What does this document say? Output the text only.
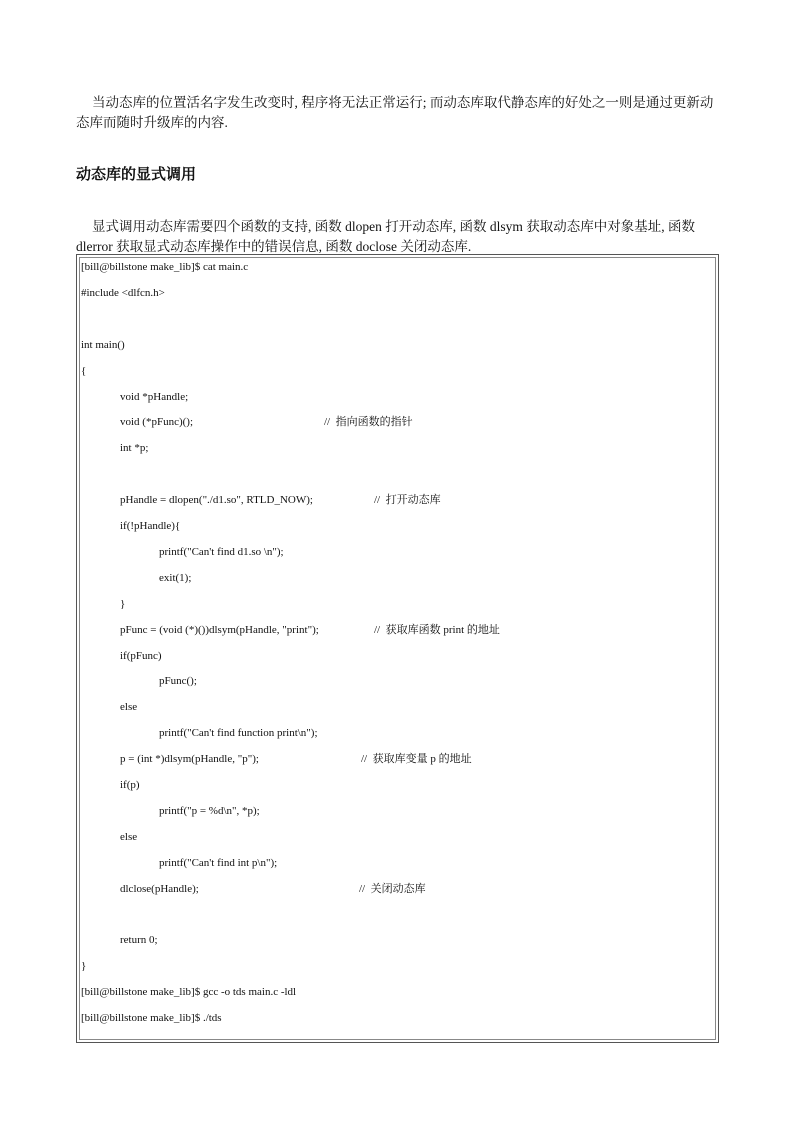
当动态库的位置活名字发生改变时, 程序将无法正常运行; 而动态库取代静态库的好处之一则是通过更新动态库而随时升级库的内容.

动态库的显式调用

显式调用动态库需要四个函数的支持, 函数 dlopen 打开动态库, 函数 dlsym 获取动态库中对象基址, 函数 dlerror 获取显式动态库操作中的错误信息, 函数 doclose 关闭动态库.

[bill@billstone make_lib]$ cat main.c
#include <dlfcn.h>
int main()
{
void *pHandle;
void (*pFunc)();	//  指向函数的指针
int *p;
pHandle = dlopen("./d1.so", RTLD_NOW);	//  打开动态库
if(!pHandle){
printf("Can't find d1.so \n");
exit(1);
}
pFunc = (void (*)())dlsym(pHandle, "print");	//  获取库函数 print 的地址
if(pFunc)
pFunc();
else
printf("Can't find function print\n");
p = (int *)dlsym(pHandle, "p");	//  获取库变量 p 的地址
if(p)
printf("p = %d\n", *p);
else
printf("Can't find int p\n");
dlclose(pHandle);	//  关闭动态库
return 0;
}
[bill@billstone make_lib]$ gcc -o tds main.c -ldl
[bill@billstone make_lib]$ ./tds
